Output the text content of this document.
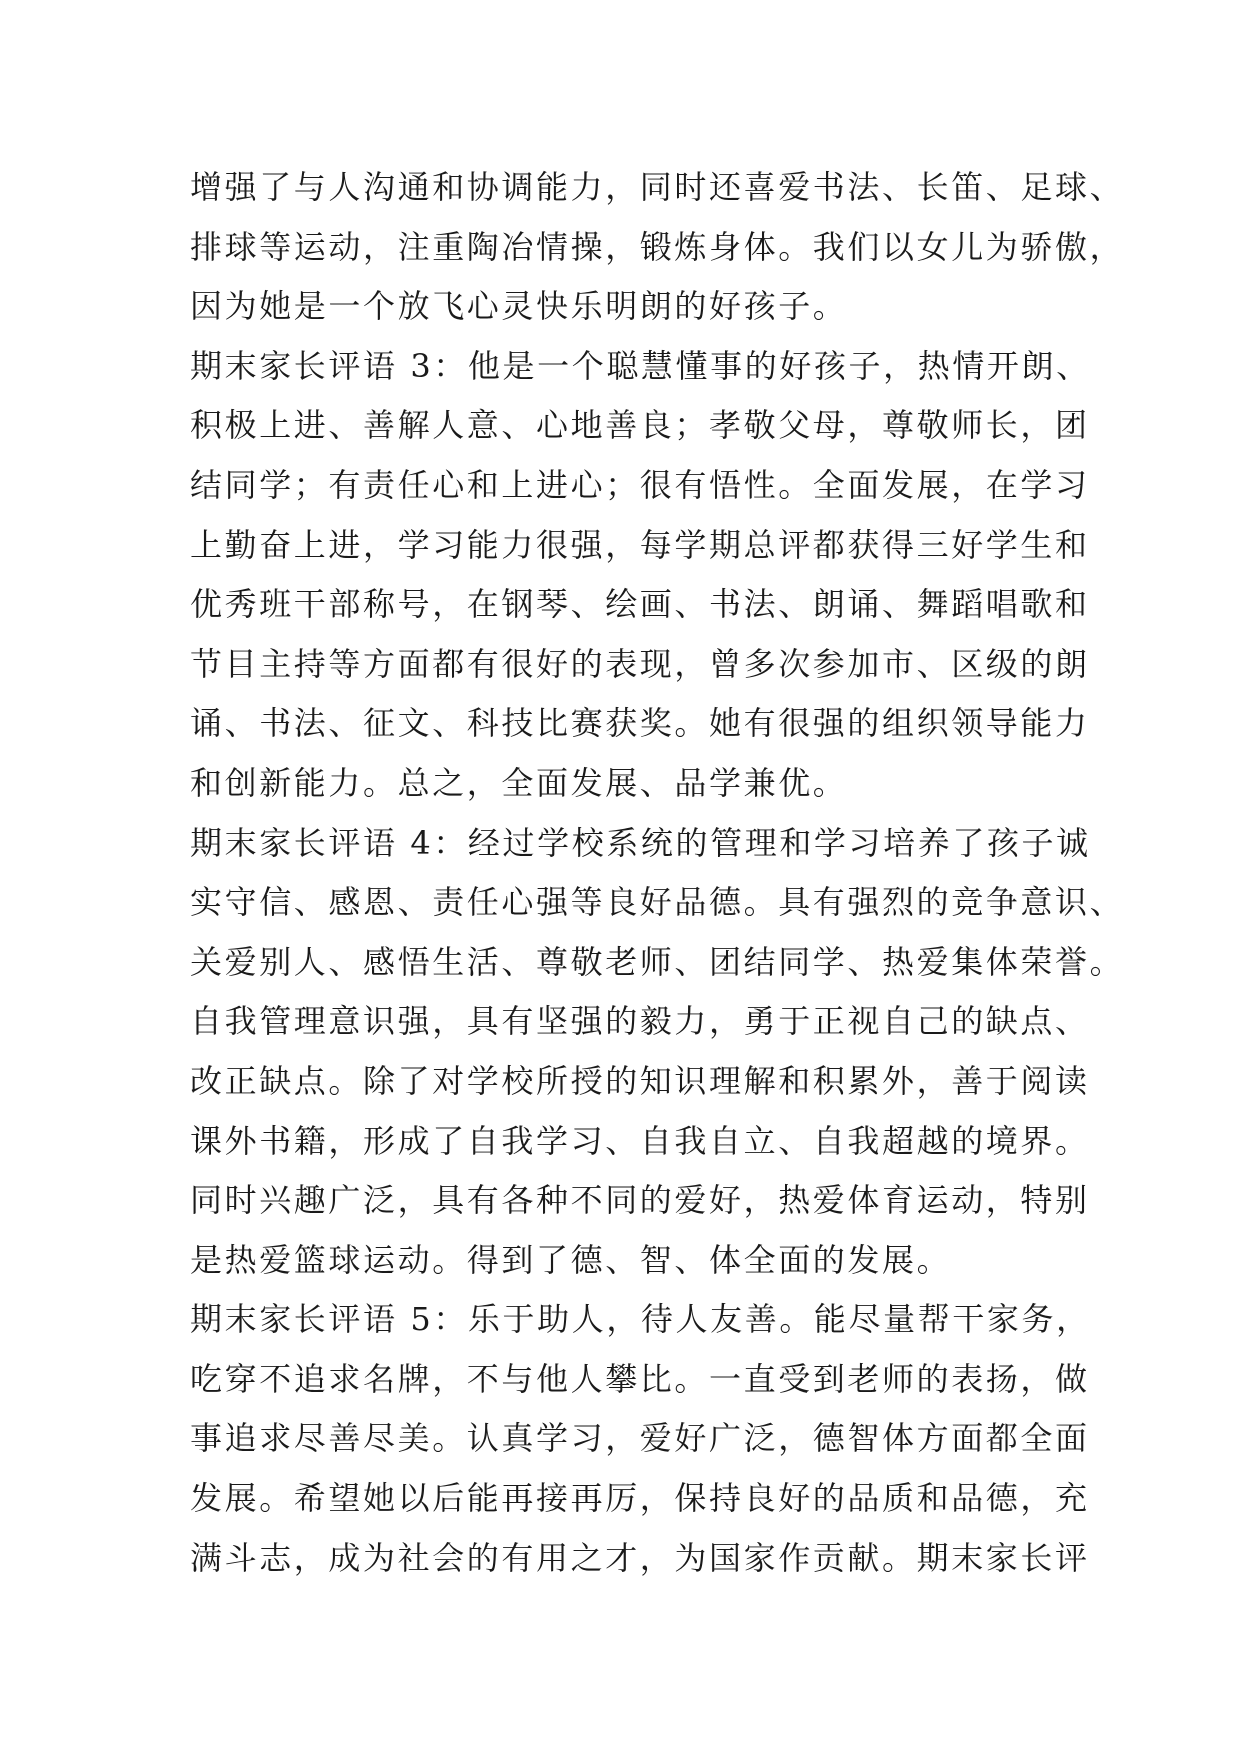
增强了与人沟通和协调能力，同时还喜爱书法、长笛、足球、
排球等运动，注重陶冶情操，锻炼身体。我们以女儿为骄傲，
因为她是一个放飞心灵快乐明朗的好孩子。
期末家长评语 3：他是一个聪慧懂事的好孩子，热情开朗、
积极上进、善解人意、心地善良；孝敬父母，尊敬师长，团
结同学；有责任心和上进心；很有悟性。全面发展，在学习
上勤奋上进，学习能力很强，每学期总评都获得三好学生和
优秀班干部称号，在钢琴、绘画、书法、朗诵、舞蹈唱歌和
节目主持等方面都有很好的表现，曾多次参加市、区级的朗
诵、书法、征文、科技比赛获奖。她有很强的组织领导能力
和创新能力。总之，全面发展、品学兼优。
期末家长评语 4：经过学校系统的管理和学习培养了孩子诚
实守信、感恩、责任心强等良好品德。具有强烈的竞争意识、
关爱别人、感悟生活、尊敬老师、团结同学、热爱集体荣誉。
自我管理意识强，具有坚强的毅力，勇于正视自己的缺点、
改正缺点。除了对学校所授的知识理解和积累外，善于阅读
课外书籍，形成了自我学习、自我自立、自我超越的境界。
同时兴趣广泛，具有各种不同的爱好，热爱体育运动，特别
是热爱篮球运动。得到了德、智、体全面的发展。
期末家长评语 5：乐于助人，待人友善。能尽量帮干家务，
吃穿不追求名牌，不与他人攀比。一直受到老师的表扬，做
事追求尽善尽美。认真学习，爱好广泛，德智体方面都全面
发展。希望她以后能再接再厉，保持良好的品质和品德，充
满斗志，成为社会的有用之才，为国家作贡献。期末家长评
